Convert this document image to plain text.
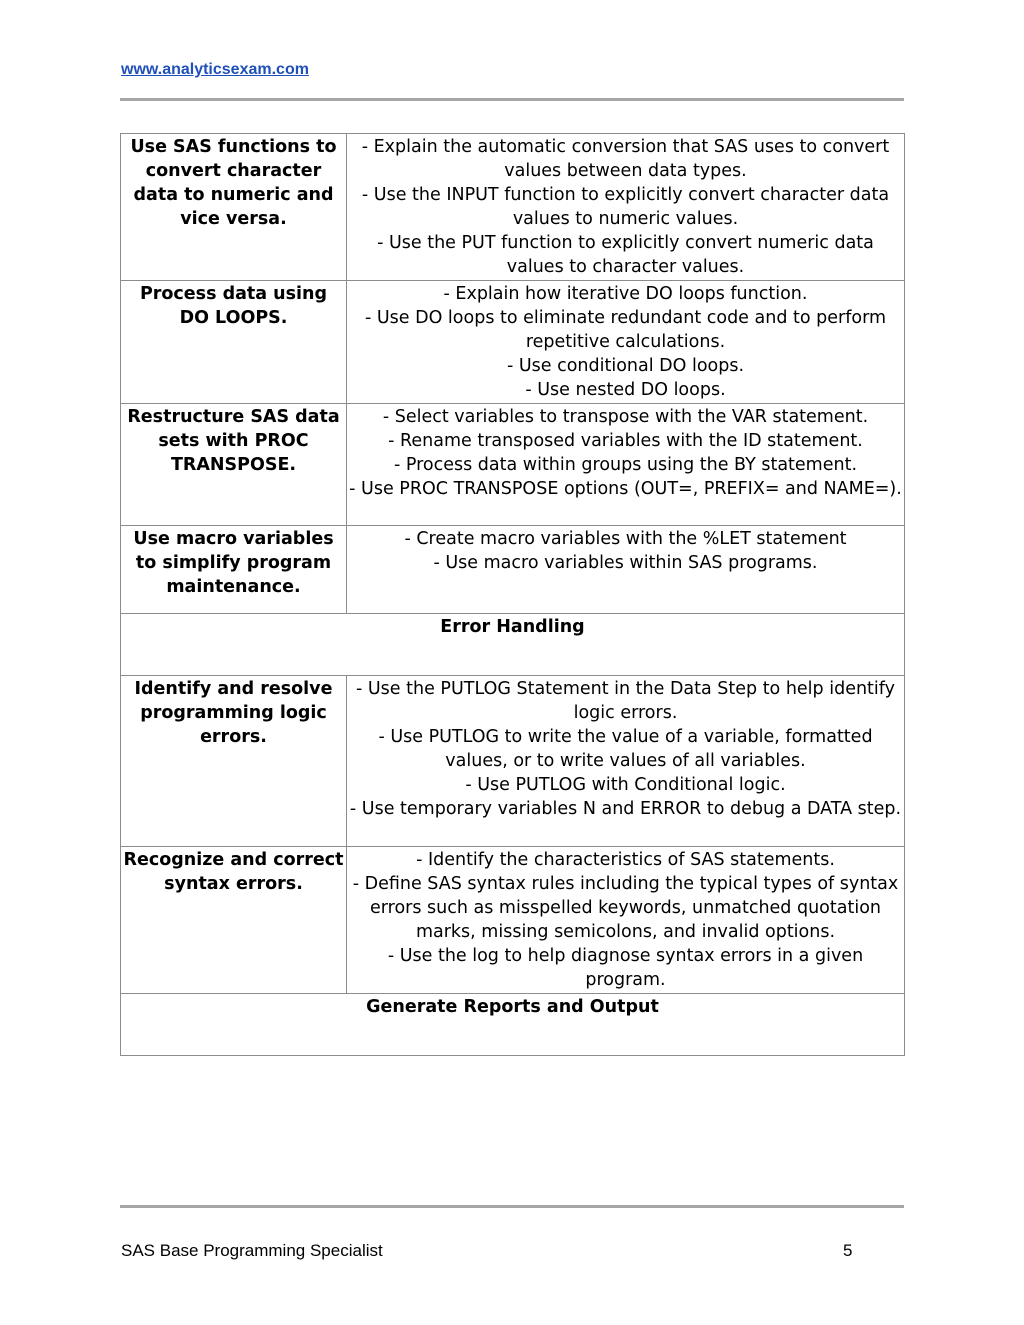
www.analyticsexam.com
Use SAS functions to convert character data to numeric and vice versa.	- Explain the automatic conversion that SAS uses to convert values between data types.
- Use the INPUT function to explicitly convert character data values to numeric values.
- Use the PUT function to explicitly convert numeric data values to character values.

Process data using DO LOOPS.	- Explain how iterative DO loops function.
- Use DO loops to eliminate redundant code and to perform repetitive calculations.
- Use conditional DO loops.
- Use nested DO loops.

Restructure SAS data sets with PROC TRANSPOSE.	- Select variables to transpose with the VAR statement.
- Rename transposed variables with the ID statement.
- Process data within groups using the BY statement.
- Use PROC TRANSPOSE options (OUT=, PREFIX= and NAME=).

Use macro variables to simplify program maintenance.	- Create macro variables with the %LET statement
- Use macro variables within SAS programs.

Error Handling	
Identify and resolve programming logic errors.	- Use the PUTLOG Statement in the Data Step to help identify logic errors.
- Use PUTLOG to write the value of a variable, formatted values, or to write values of all variables.
- Use PUTLOG with Conditional logic.
- Use temporary variables N and ERROR to debug a DATA step.

Recognize and correct syntax errors.	- Identify the characteristics of SAS statements.
- Define SAS syntax rules including the typical types of syntax errors such as misspelled keywords, unmatched quotation marks, missing semicolons, and invalid options.
- Use the log to help diagnose syntax errors in a given program.

Generate Reports and Output	
SAS Base Programming Specialist	5
